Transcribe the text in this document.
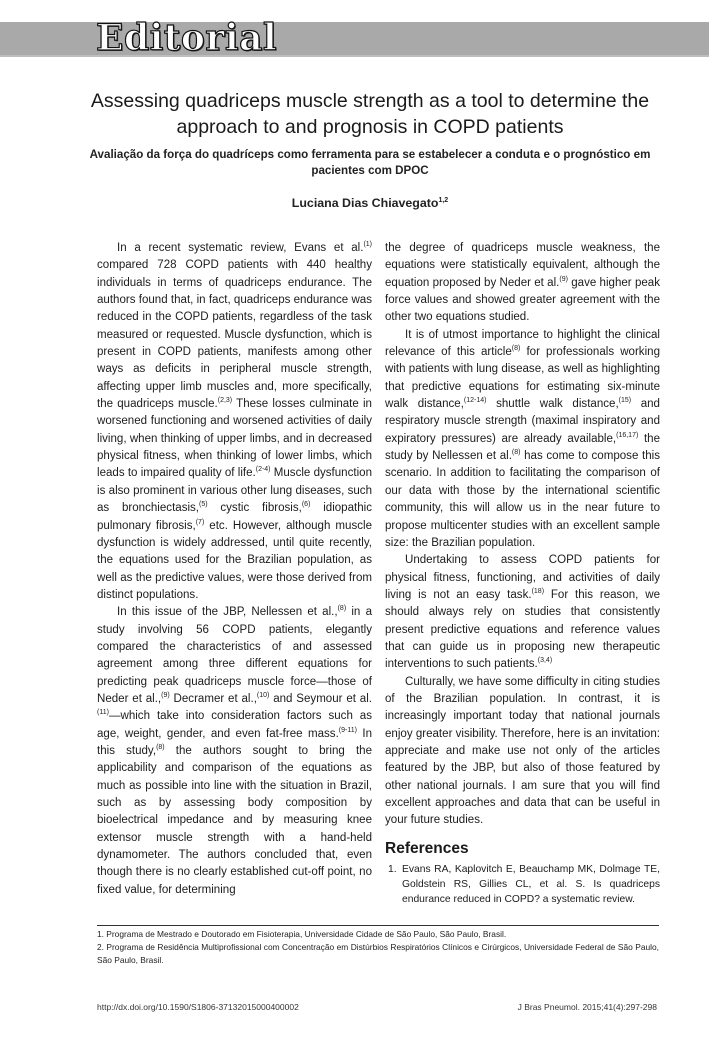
Editorial
Assessing quadriceps muscle strength as a tool to determine the approach to and prognosis in COPD patients
Avaliação da força do quadríceps como ferramenta para se estabelecer a conduta e o prognóstico em pacientes com DPOC
Luciana Dias Chiavegato$^{1,2}$

In a recent systematic review, Evans et al.$^{(1)}$ compared 728 COPD patients with 440 healthy individuals in terms of quadriceps endurance. The authors found that, in fact, quadriceps endurance was reduced in the COPD patients, regardless of the task measured or requested. Muscle dysfunction, which is present in COPD patients, manifests among other ways as deficits in peripheral muscle strength, affecting upper limb muscles and, more specifically, the quadriceps muscle.$^{(2,3)}$ These losses culminate in worsened functioning and worsened activities of daily living, when thinking of upper limbs, and in decreased physical fitness, when thinking of lower limbs, which leads to impaired quality of life.$^{(2-4)}$ Muscle dysfunction is also prominent in various other lung diseases, such as bronchiectasis,$^{(5)}$ cystic fibrosis,$^{(6)}$ idiopathic pulmonary fibrosis,$^{(7)}$ etc. However, although muscle dysfunction is widely addressed, until quite recently, the equations used for the Brazilian population, as well as the predictive values, were those derived from distinct populations.

In this issue of the JBP, Nellessen et al.,$^{(8)}$ in a study involving 56 COPD patients, elegantly compared the characteristics of and assessed agreement among three different equations for predicting peak quadriceps muscle force—those of Neder et al.,$^{(9)}$ Decramer et al.,$^{(10)}$ and Seymour et al.$^{(11)}$—which take into consideration factors such as age, weight, gender, and even fat-free mass.$^{(9-11)}$ In this study,$^{(8)}$ the authors sought to bring the applicability and comparison of the equations as much as possible into line with the situation in Brazil, such as by assessing body composition by bioelectrical impedance and by measuring knee extensor muscle strength with a hand-held dynamometer. The authors concluded that, even though there is no clearly established cut-off point, no fixed value, for determining

the degree of quadriceps muscle weakness, the equations were statistically equivalent, although the equation proposed by Neder et al.$^{(9)}$ gave higher peak force values and showed greater agreement with the other two equations studied.

It is of utmost importance to highlight the clinical relevance of this article$^{(8)}$ for professionals working with patients with lung disease, as well as highlighting that predictive equations for estimating six-minute walk distance,$^{(12-14)}$ shuttle walk distance,$^{(15)}$ and respiratory muscle strength (maximal inspiratory and expiratory pressures) are already available,$^{(16,17)}$ the study by Nellessen et al.$^{(8)}$ has come to compose this scenario. In addition to facilitating the comparison of our data with those by the international scientific community, this will allow us in the near future to propose multicenter studies with an excellent sample size: the Brazilian population.

Undertaking to assess COPD patients for physical fitness, functioning, and activities of daily living is not an easy task.$^{(18)}$ For this reason, we should always rely on studies that consistently present predictive equations and reference values that can guide us in proposing new therapeutic interventions to such patients.$^{(3,4)}$

Culturally, we have some difficulty in citing studies of the Brazilian population. In contrast, it is increasingly important today that national journals enjoy greater visibility. Therefore, here is an invitation: appreciate and make use not only of the articles featured by the JBP, but also of those featured by other national journals. I am sure that you will find excellent approaches and data that can be useful in your future studies.

References
1. Evans RA, Kaplovitch E, Beauchamp MK, Dolmage TE, Goldstein RS, Gillies CL, et al. S. Is quadriceps endurance reduced in COPD? a systematic review.
1. Programa de Mestrado e Doutorado em Fisioterapia, Universidade Cidade de São Paulo, São Paulo, Brasil.
2. Programa de Residência Multiprofissional com Concentração em Distúrbios Respiratórios Clínicos e Cirúrgicos, Universidade Federal de São Paulo, São Paulo, Brasil.
http://dx.doi.org/10.1590/S1806-37132015000400002	J Bras Pneumol. 2015;41(4):297-298
